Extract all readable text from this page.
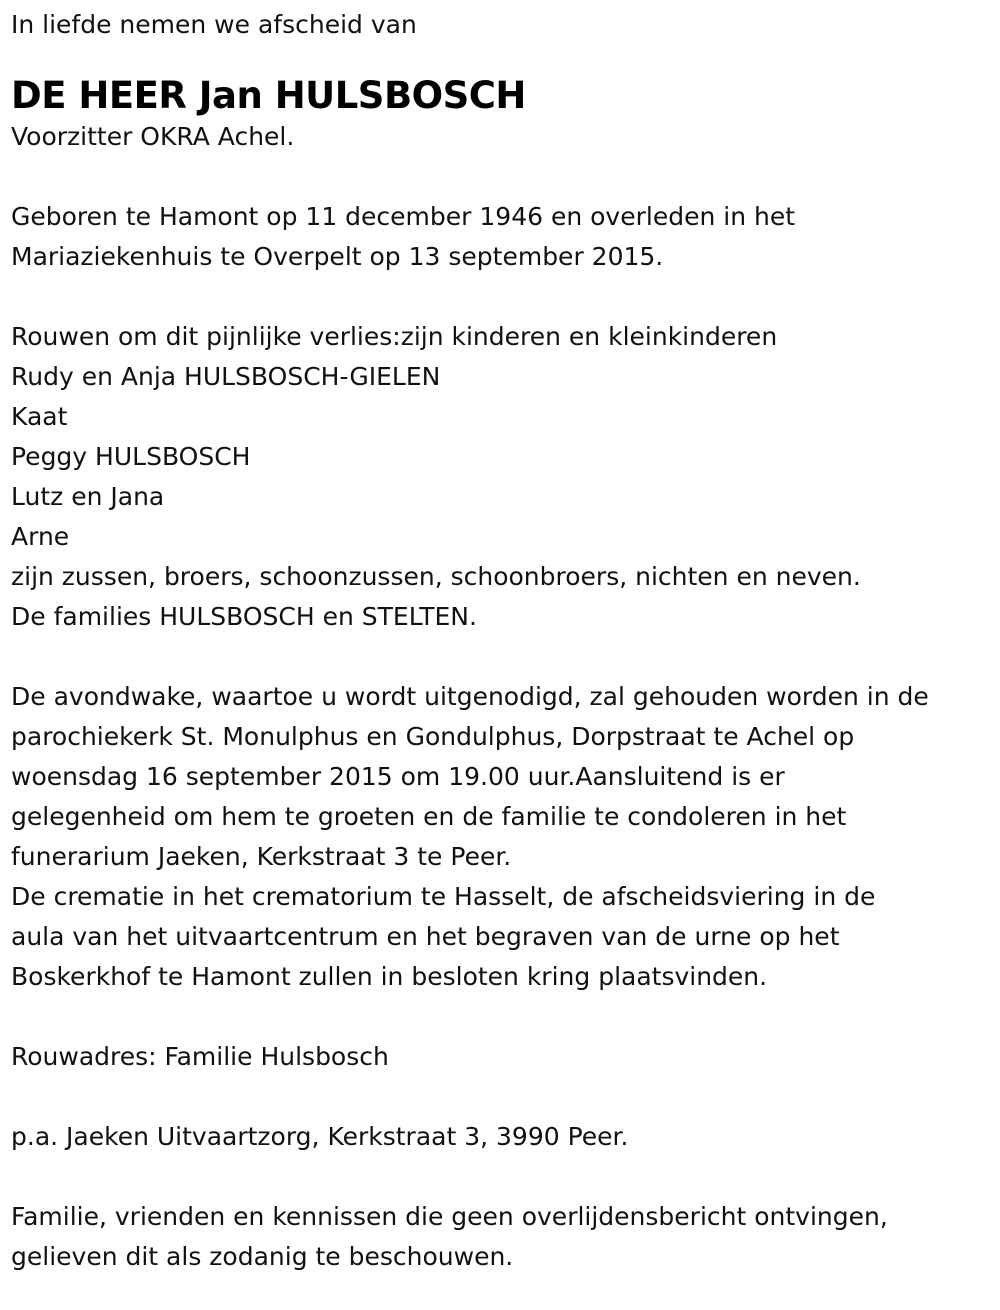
In liefde nemen we afscheid van

DE HEER Jan HULSBOSCH

Voorzitter OKRA Achel.

Geboren te Hamont op 11 december 1946 en overleden in het

Mariaziekenhuis te Overpelt op 13 september 2015.

Rouwen om dit pijnlijke verlies:zijn kinderen en kleinkinderen

Rudy en Anja HULSBOSCH-GIELEN

Kaat

Peggy HULSBOSCH

Lutz en Jana

Arne

zijn zussen, broers, schoonzussen, schoonbroers, nichten en neven.

De families HULSBOSCH en STELTEN.

De avondwake, waartoe u wordt uitgenodigd, zal gehouden worden in de

parochiekerk St. Monulphus en Gondulphus, Dorpstraat te Achel op

woensdag 16 september 2015 om 19.00 uur.Aansluitend is er

gelegenheid om hem te groeten en de familie te condoleren in het

funerarium Jaeken, Kerkstraat 3 te Peer.

De crematie in het crematorium te Hasselt, de afscheidsviering in de

aula van het uitvaartcentrum en het begraven van de urne op het

Boskerkhof te Hamont zullen in besloten kring plaatsvinden.

Rouwadres: Familie Hulsbosch

p.a. Jaeken Uitvaartzorg, Kerkstraat 3, 3990 Peer.

Familie, vrienden en kennissen die geen overlijdensbericht ontvingen,

gelieven dit als zodanig te beschouwen.
